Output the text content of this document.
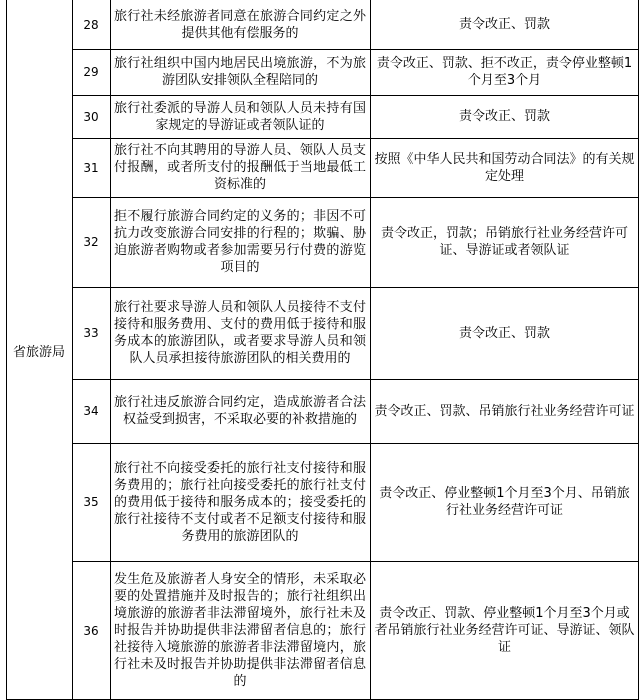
省旅游局
28
旅行社未经旅游者同意在旅游合同约定之外提供其他有偿服务的
责令改正、罚款
29
旅行社组织中国内地居民出境旅游，不为旅游团队安排领队全程陪同的
责令改正、罚款、拒不改正，责令停业整顿1个月至3个月
30
旅行社委派的导游人员和领队人员未持有国家规定的导游证或者领队证的
责令改正、罚款
31
旅行社不向其聘用的导游人员、领队人员支付报酬，或者所支付的报酬低于当地最低工资标准的
按照《中华人民共和国劳动合同法》的有关规定处理
32
拒不履行旅游合同约定的义务的；非因不可抗力改变旅游合同安排的行程的；欺骗、胁迫旅游者购物或者参加需要另行付费的游览项目的
责令改正，罚款；吊销旅行社业务经营许可证、导游证或者领队证
33
旅行社要求导游人员和领队人员接待不支付接待和服务费用、支付的费用低于接待和服务成本的旅游团队，或者要求导游人员和领队人员承担接待旅游团队的相关费用的
责令改正、罚款
34
旅行社违反旅游合同约定，造成旅游者合法权益受到损害，不采取必要的补救措施的
责令改正、罚款、吊销旅行社业务经营许可证
35
旅行社不向接受委托的旅行社支付接待和服务费用的；旅行社向接受委托的旅行社支付的费用低于接待和服务成本的；接受委托的旅行社接待不支付或者不足额支付接待和服务费用的旅游团队的
责令改正、停业整顿1个月至3个月、吊销旅行社业务经营许可证
36
发生危及旅游者人身安全的情形，未采取必要的处置措施并及时报告的；旅行社组织出境旅游的旅游者非法滞留境外，旅行社未及时报告并协助提供非法滞留者信息的；旅行社接待入境旅游的旅游者非法滞留境内，旅行社未及时报告并协助提供非法滞留者信息的
责令改正、罚款、停业整顿1个月至3个月或者吊销旅行社业务经营许可证、导游证、领队证
